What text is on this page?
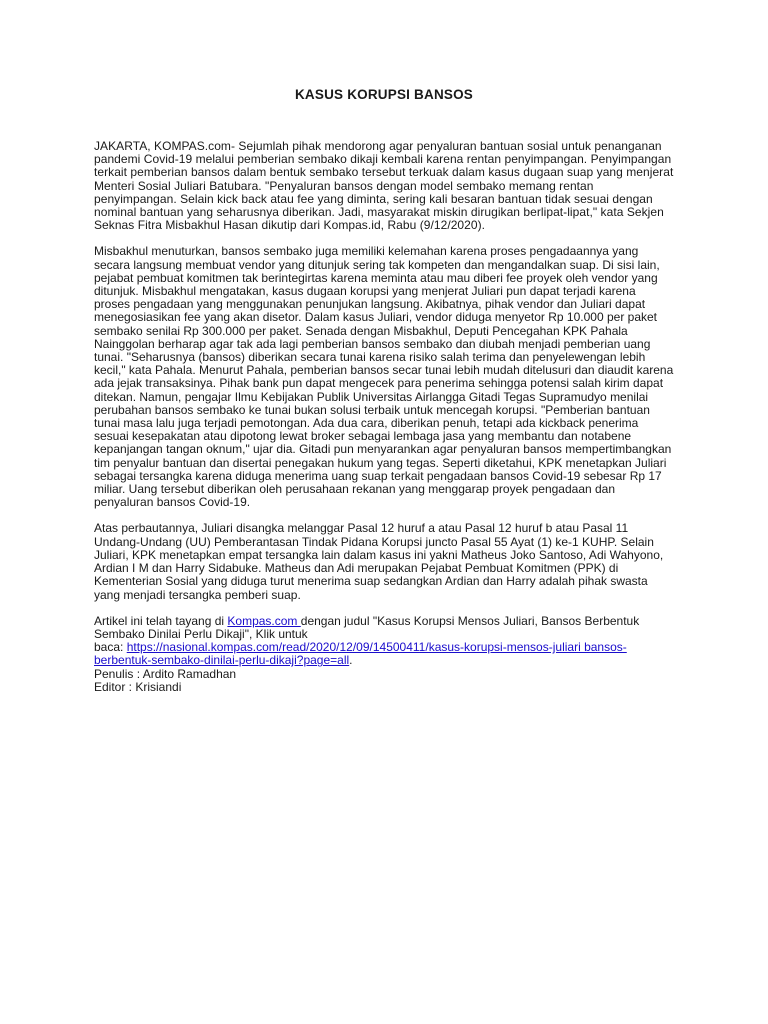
KASUS KORUPSI BANSOS

JAKARTA, KOMPAS.com- Sejumlah pihak mendorong agar penyaluran bantuan sosial untuk penanganan pandemi Covid-19 melalui pemberian sembako dikaji kembali karena rentan penyimpangan. Penyimpangan terkait pemberian bansos dalam bentuk sembako tersebut terkuak dalam kasus dugaan suap yang menjerat Menteri Sosial Juliari Batubara. "Penyaluran bansos dengan model sembako memang rentan penyimpangan. Selain kick back atau fee yang diminta, sering kali besaran bantuan tidak sesuai dengan nominal bantuan yang seharusnya diberikan. Jadi, masyarakat miskin dirugikan berlipat-lipat," kata Sekjen Seknas Fitra Misbakhul Hasan dikutip dari Kompas.id, Rabu (9/12/2020).

Misbakhul menuturkan, bansos sembako juga memiliki kelemahan karena proses pengadaannya yang secara langsung membuat vendor yang ditunjuk sering tak kompeten dan mengandalkan suap. Di sisi lain, pejabat pembuat komitmen tak berintegirtas karena meminta atau mau diberi fee proyek oleh vendor yang ditunjuk. Misbakhul mengatakan, kasus dugaan korupsi yang menjerat Juliari pun dapat terjadi karena proses pengadaan yang menggunakan penunjukan langsung. Akibatnya, pihak vendor dan Juliari dapat menegosiasikan fee yang akan disetor. Dalam kasus Juliari, vendor diduga menyetor Rp 10.000 per paket sembako senilai Rp 300.000 per paket. Senada dengan Misbakhul, Deputi Pencegahan KPK Pahala Nainggolan berharap agar tak ada lagi pemberian bansos sembako dan diubah menjadi pemberian uang tunai. "Seharusnya (bansos) diberikan secara tunai karena risiko salah terima dan penyelewengan lebih kecil," kata Pahala. Menurut Pahala, pemberian bansos secar tunai lebih mudah ditelusuri dan diaudit karena ada jejak transaksinya. Pihak bank pun dapat mengecek para penerima sehingga potensi salah kirim dapat ditekan. Namun, pengajar Ilmu Kebijakan Publik Universitas Airlangga Gitadi Tegas Supramudyo menilai perubahan bansos sembako ke tunai bukan solusi terbaik untuk mencegah korupsi. "Pemberian bantuan tunai masa lalu juga terjadi pemotongan. Ada dua cara, diberikan penuh, tetapi ada kickback penerima sesuai kesepakatan atau dipotong lewat broker sebagai lembaga jasa yang membantu dan notabene kepanjangan tangan oknum," ujar dia. Gitadi pun menyarankan agar penyaluran bansos mempertimbangkan tim penyalur bantuan dan disertai penegakan hukum yang tegas. Seperti diketahui, KPK menetapkan Juliari sebagai tersangka karena diduga menerima uang suap terkait pengadaan bansos Covid-19 sebesar Rp 17 miliar. Uang tersebut diberikan oleh perusahaan rekanan yang menggarap proyek pengadaan dan penyaluran bansos Covid-19.

Atas perbautannya, Juliari disangka melanggar Pasal 12 huruf a atau Pasal 12 huruf b atau Pasal 11 Undang-Undang (UU) Pemberantasan Tindak Pidana Korupsi juncto Pasal 55 Ayat (1) ke-1 KUHP. Selain Juliari, KPK menetapkan empat tersangka lain dalam kasus ini yakni Matheus Joko Santoso, Adi Wahyono, Ardian I M dan Harry Sidabuke. Matheus dan Adi merupakan Pejabat Pembuat Komitmen (PPK) di Kementerian Sosial yang diduga turut menerima suap sedangkan Ardian dan Harry adalah pihak swasta yang menjadi tersangka pemberi suap.

Artikel ini telah tayang di Kompas.com dengan judul "Kasus Korupsi Mensos Juliari, Bansos Berbentuk Sembako Dinilai Perlu Dikaji", Klik untuk
baca: https://nasional.kompas.com/read/2020/12/09/14500411/kasus-korupsi-mensos-juliari bansos-berbentuk-sembako-dinilai-perlu-dikaji?page=all.
Penulis : Ardito Ramadhan
Editor : Krisiandi
